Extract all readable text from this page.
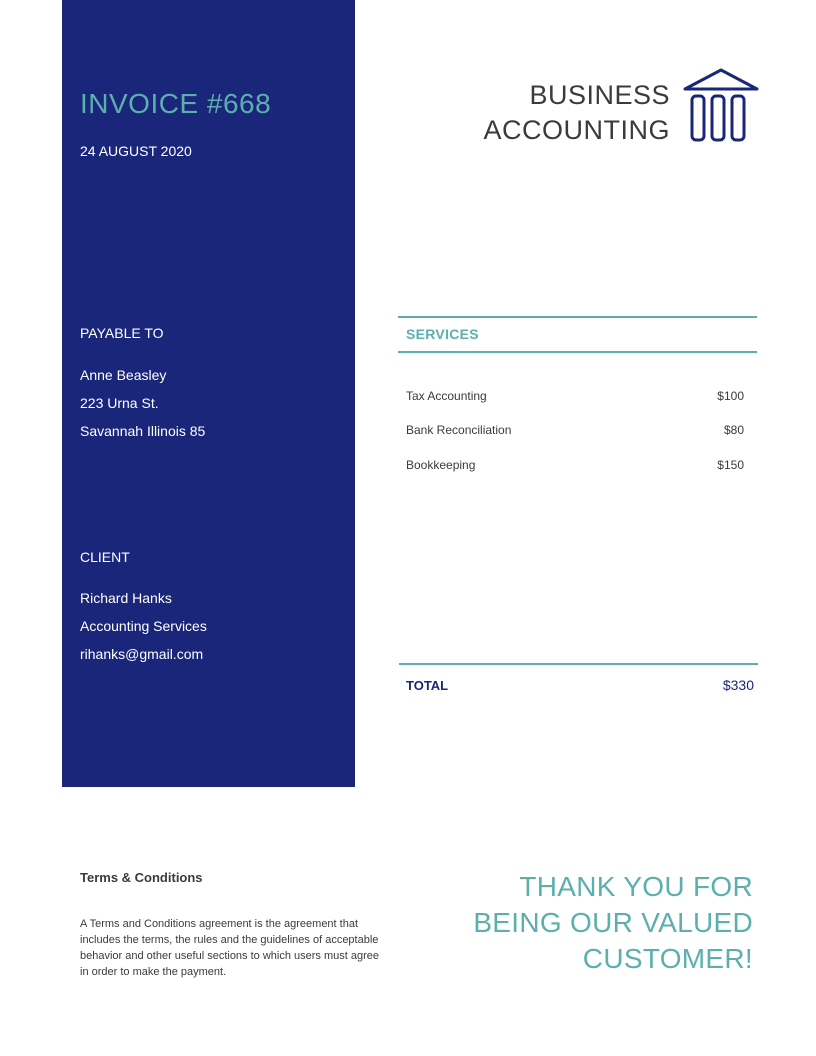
INVOICE #668
24 AUGUST 2020
PAYABLE TO
Anne Beasley
223 Urna St.
Savannah Illinois 85
CLIENT
Richard Hanks
Accounting Services
rihanks@gmail.com
BUSINESS
ACCOUNTING
SERVICES
Tax Accounting	$100
Bank Reconciliation	$80
Bookkeeping	$150
TOTAL	$330
Terms & Conditions
A Terms and Conditions agreement is the agreement that includes the terms, the rules and the guidelines of acceptable behavior and other useful sections to which users must agree in order to make the payment.
THANK YOU FOR BEING OUR VALUED CUSTOMER!
